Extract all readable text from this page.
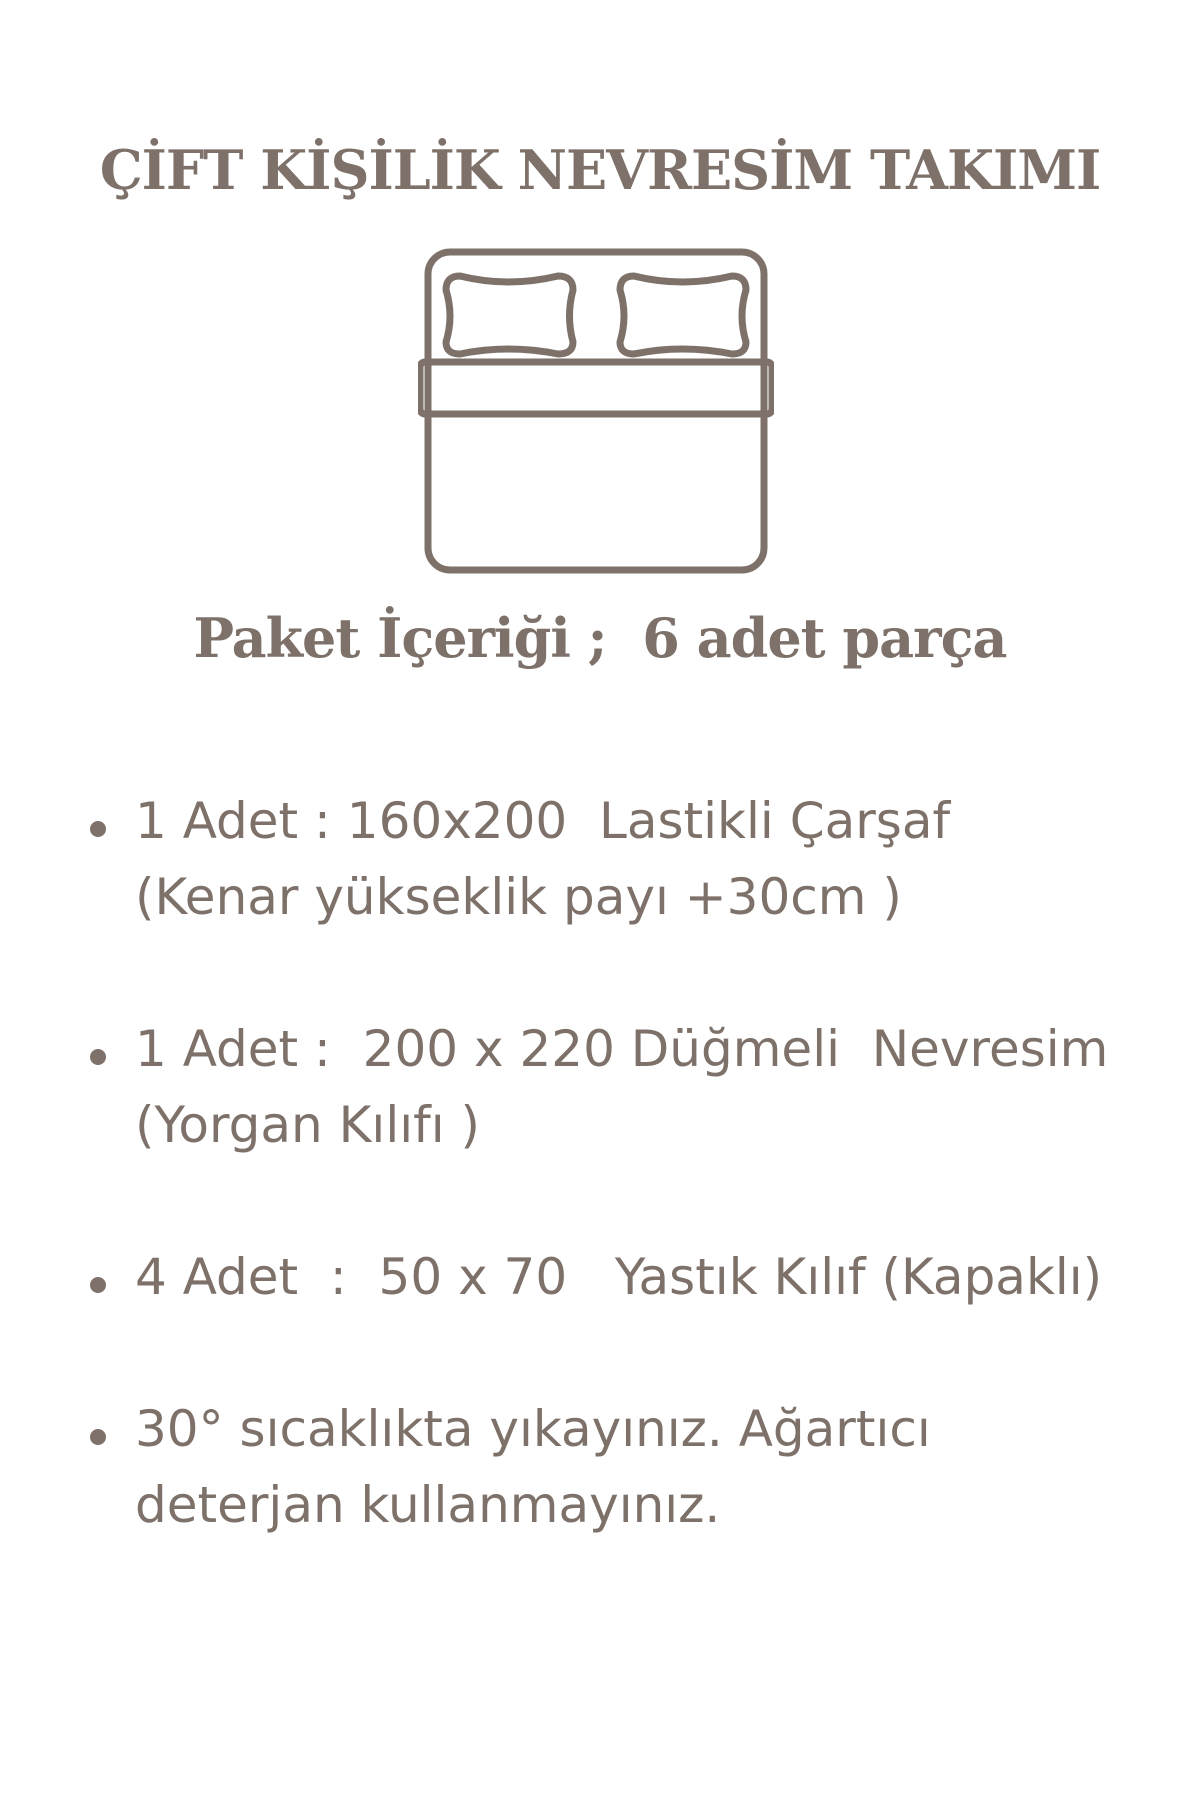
ÇİFT KİŞİLİK NEVRESİM TAKIMI
Paket İçeriği ;  6 adet parça
1 Adet : 160x200  Lastikli Çarşaf
(Kenar yükseklik payı +30cm )
1 Adet :  200 x 220 Düğmeli  Nevresim
(Yorgan Kılıfı )
4 Adet  :  50 x 70   Yastık Kılıf (Kapaklı)
30° sıcaklıkta yıkayınız. Ağartıcı
deterjan kullanmayınız.
